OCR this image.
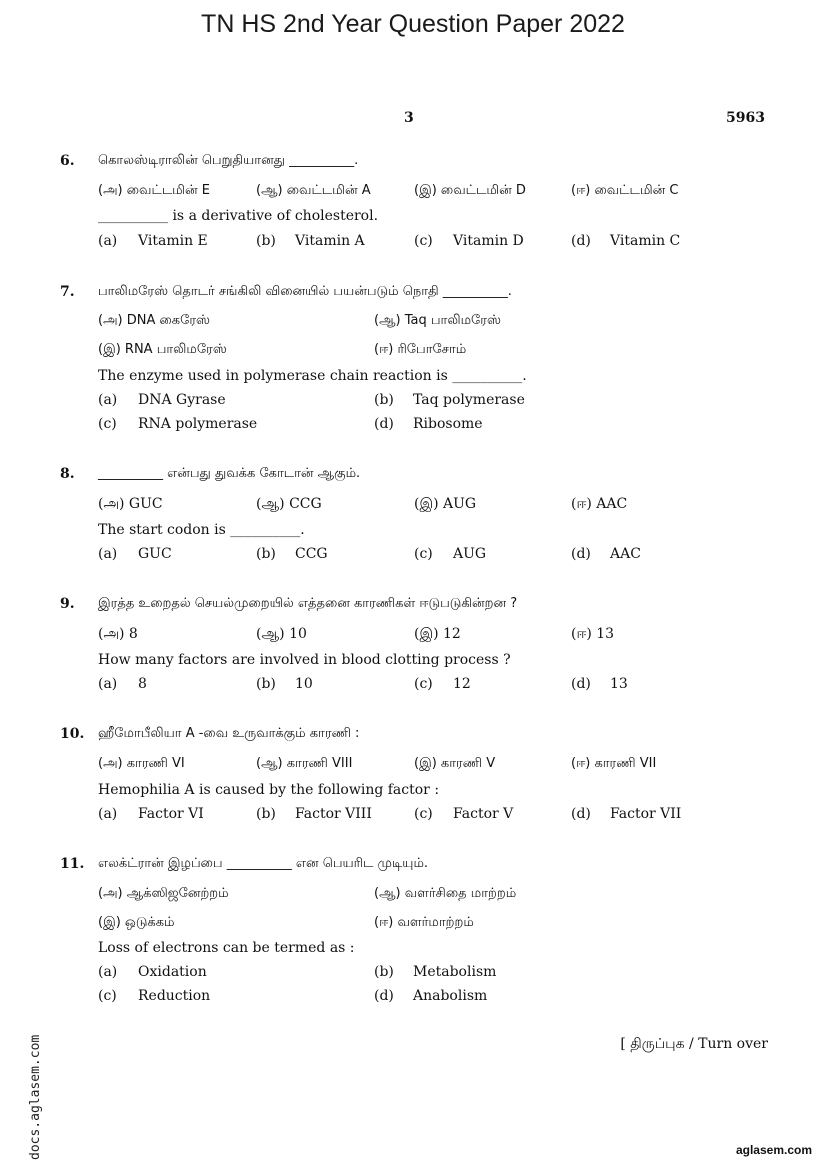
TN HS 2nd Year Question Paper 2022
3	5963
6. கொலஸ்டிராலின் பெறுதியானது __________.
(அ) வைட்டமின் E	(ஆ) வைட்டமின் A	(இ) வைட்டமின் D	(ஈ) வைட்டமின் C
__________ is a derivative of cholesterol.
(a) Vitamin E	(b) Vitamin A	(c) Vitamin D	(d) Vitamin C
7. பாலிமரேஸ் தொடர் சங்கிலி வினையில் பயன்படும் நொதி __________.
(அ) DNA கைரேஸ்	(ஆ) Taq பாலிமரேஸ்
(இ) RNA பாலிமரேஸ்	(ஈ) ரிபோசோம்
The enzyme used in polymerase chain reaction is __________.
(a) DNA Gyrase	(b) Taq polymerase
(c) RNA polymerase	(d) Ribosome
8. __________ என்பது துவக்க கோடான் ஆகும்.
(அ) GUC	(ஆ) CCG	(இ) AUG	(ஈ) AAC
The start codon is __________.
(a) GUC	(b) CCG	(c) AUG	(d) AAC
9. இரத்த உறைதல் செயல்முறையில் எத்தனை காரணிகள் ஈடுபடுகின்றன ?
(அ) 8	(ஆ) 10	(இ) 12	(ஈ) 13
How many factors are involved in blood clotting process ?
(a) 8	(b) 10	(c) 12	(d) 13
10. ஹீமோபீலியா A -வை உருவாக்கும் காரணி :
(அ) காரணி VI	(ஆ) காரணி VIII	(இ) காரணி V	(ஈ) காரணி VII
Hemophilia A is caused by the following factor :
(a) Factor VI	(b) Factor VIII	(c) Factor V	(d) Factor VII
11. எலக்ட்ரான் இழப்பை __________ என பெயரிட முடியும்.
(அ) ஆக்ஸிஜனேற்றம்	(ஆ) வளர்சிதை மாற்றம்
(இ) ஒடுக்கம்	(ஈ) வளர்மாற்றம்
Loss of electrons can be termed as :
(a) Oxidation	(b) Metabolism
(c) Reduction	(d) Anabolism
[ திருப்புக / Turn over
docs.aglasem.com	aglasem.com
